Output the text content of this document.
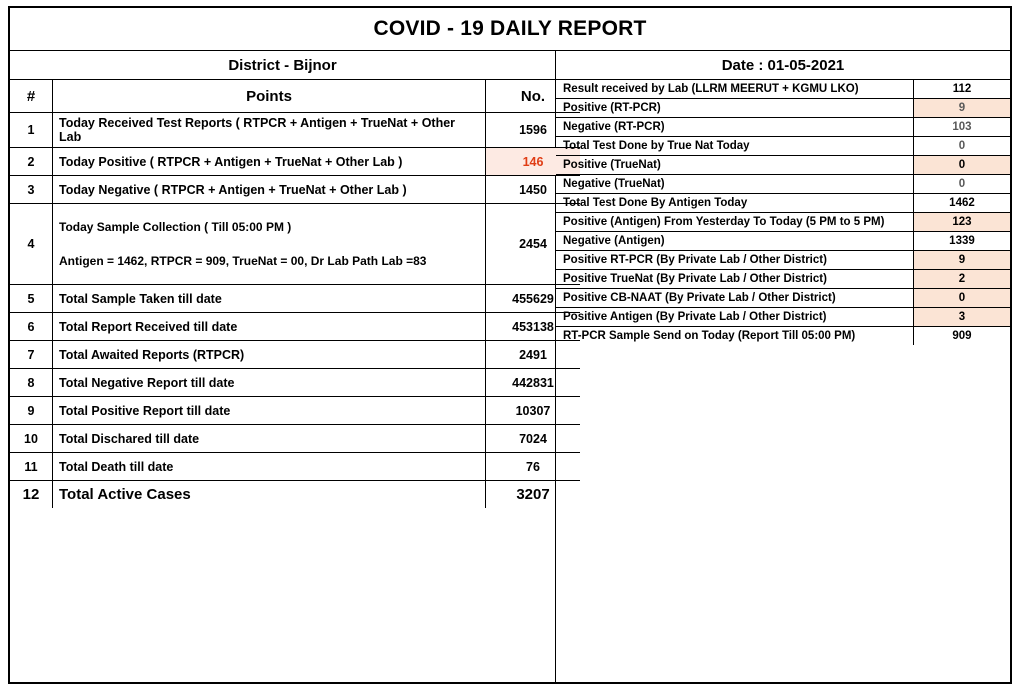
COVID - 19 DAILY REPORT
District - Bijnor
#	Points	No.
1	Today Received Test Reports ( RTPCR + Antigen + TrueNat + Other Lab	1596
2	Today Positive ( RTPCR + Antigen + TrueNat + Other Lab )	146
3	Today Negative ( RTPCR + Antigen + TrueNat + Other Lab )	1450
4	Today Sample Collection ( Till 05:00 PM )
Antigen = 1462, RTPCR = 909, TrueNat = 00, Dr Lab Path Lab =83	2454
5	Total Sample Taken till date	455629
6	Total Report Received till date	453138
7	Total Awaited Reports (RTPCR)	2491
8	Total Negative Report till date	442831
9	Total Positive Report till date	10307
10	Total Dischared till date	7024
11	Total Death till date	76
12	Total Active Cases	3207
Date : 01-05-2021
Result received by Lab (LLRM MEERUT + KGMU LKO)	112
Positive (RT-PCR)	9
Negative (RT-PCR)	103
Total Test Done by True Nat Today	0
Positive (TrueNat)	0
Negative (TrueNat)	0
Total Test Done By Antigen Today	1462
Positive (Antigen) From Yesterday To Today (5 PM to 5 PM)	123
Negative (Antigen)	1339
Positive RT-PCR (By Private Lab / Other District)	9
Positive TrueNat (By Private Lab / Other District)	2
Positive CB-NAAT (By Private Lab / Other District)	0
Positive Antigen (By Private Lab / Other District)	3
RT-PCR Sample Send on Today (Report Till 05:00 PM)	909
